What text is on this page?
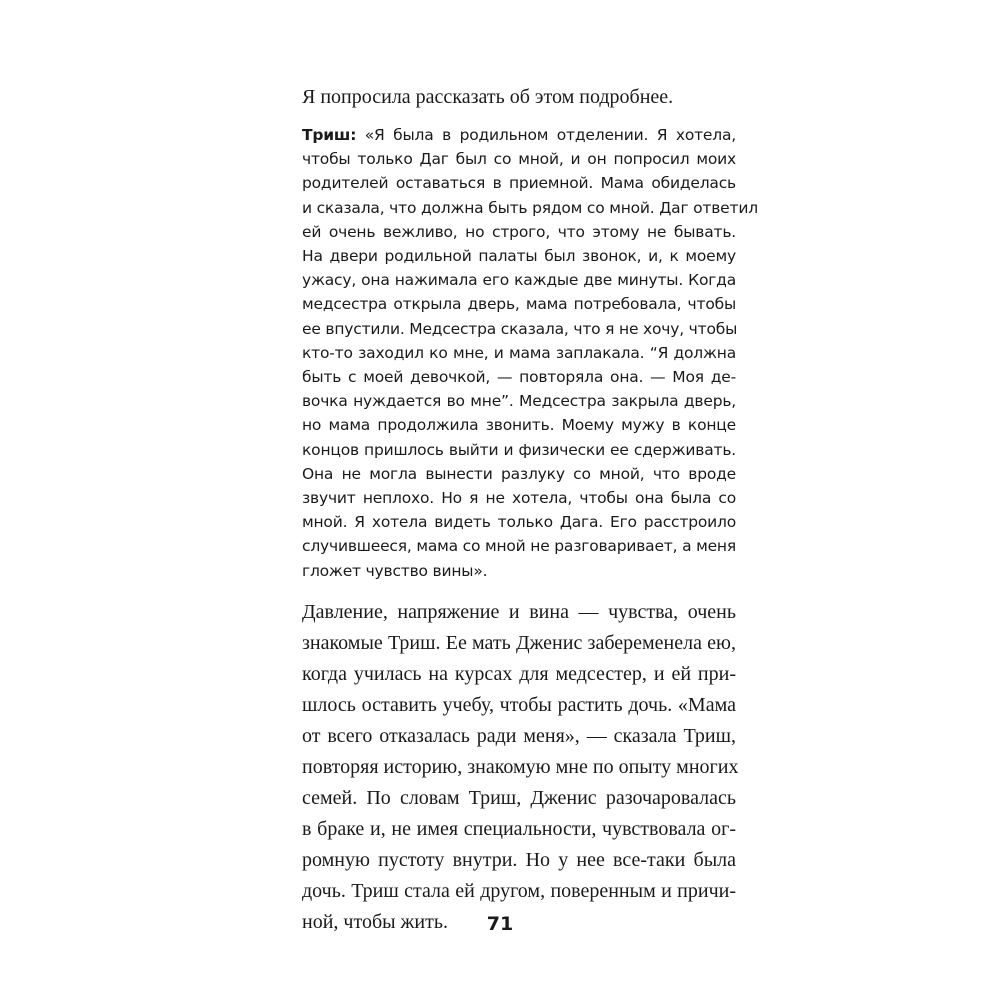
Я попросила рассказать об этом подробнее.

Триш: «Я была в родильном отделении. Я хотела,
чтобы только Даг был со мной, и он попросил моих
родителей оставаться в приемной. Мама обиделась
и сказала, что должна быть рядом со мной. Даг ответил
ей очень вежливо, но строго, что этому не бывать.
На двери родильной палаты был звонок, и, к моему
ужасу, она нажимала его каждые две минуты. Когда
медсестра открыла дверь, мама потребовала, чтобы
ее впустили. Медсестра сказала, что я не хочу, чтобы
кто-то заходил ко мне, и мама заплакала. “Я должна
быть с моей девочкой, — повторяла она. — Моя де-
вочка нуждается во мне”. Медсестра закрыла дверь,
но мама продолжила звонить. Моему мужу в конце
концов пришлось выйти и физически ее сдерживать.
Она не могла вынести разлуку со мной, что вроде
звучит неплохо. Но я не хотела, чтобы она была со
мной. Я хотела видеть только Дага. Его расстроило
случившееся, мама со мной не разговаривает, а меня
гложет чувство вины».
Давление, напряжение и вина — чувства, очень
знакомые Триш. Ее мать Дженис забеременела ею,
когда училась на курсах для медсестер, и ей при-
шлось оставить учебу, чтобы растить дочь. «Мама
от всего отказалась ради меня», — сказала Триш,
повторяя историю, знакомую мне по опыту многих
семей. По словам Триш, Дженис разочаровалась
в браке и, не имея специальности, чувствовала ог-
ромную пустоту внутри. Но у нее все-таки была
дочь. Триш стала ей другом, поверенным и причи-
ной, чтобы жить.	71
